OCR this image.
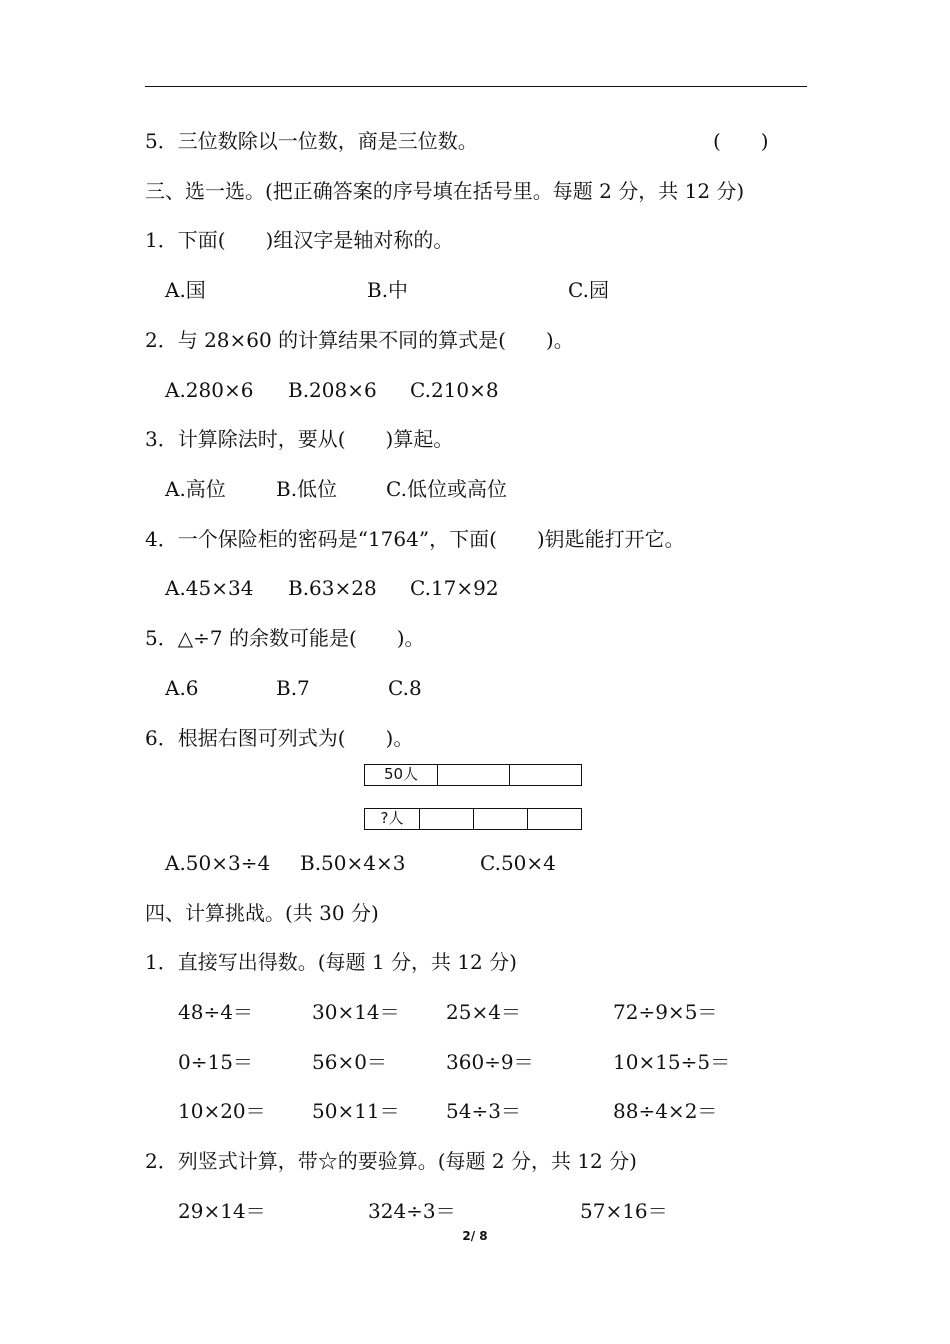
5．三位数除以一位数，商是三位数。	(　　)
三、选一选。(把正确答案的序号填在括号里。每题 2 分，共 12 分)
1．下面(　　)组汉字是轴对称的。
A.国	B.中	C.园
2．与 28×60 的计算结果不同的算式是(　　)。
A.280×6 B.208×6 C.210×8
3．计算除法时，要从(　　)算起。
A.高位	B.低位 C.低位或高位
4．一个保险柜的密码是“1764”，下面(　　)钥匙能打开它。
A.45×34 B.63×28 C.17×92
5．△÷7 的余数可能是(　　)。
A.6	B.7	C.8
6．根据右图可列式为(　　)。
50人
?人
A.50×3÷4 B.50×4×3	C.50×4
四、计算挑战。(共 30 分)
1．直接写出得数。(每题 1 分，共 12 分)
48÷4＝	30×14＝ 25×4＝	72÷9×5＝
0÷15＝	56×0＝	360÷9＝	10×15÷5＝
10×20＝ 50×11＝ 54÷3＝	88÷4×2＝
2．列竖式计算，带☆的要验算。(每题 2 分，共 12 分)
29×14＝	324÷3＝	57×16＝
2/ 8
